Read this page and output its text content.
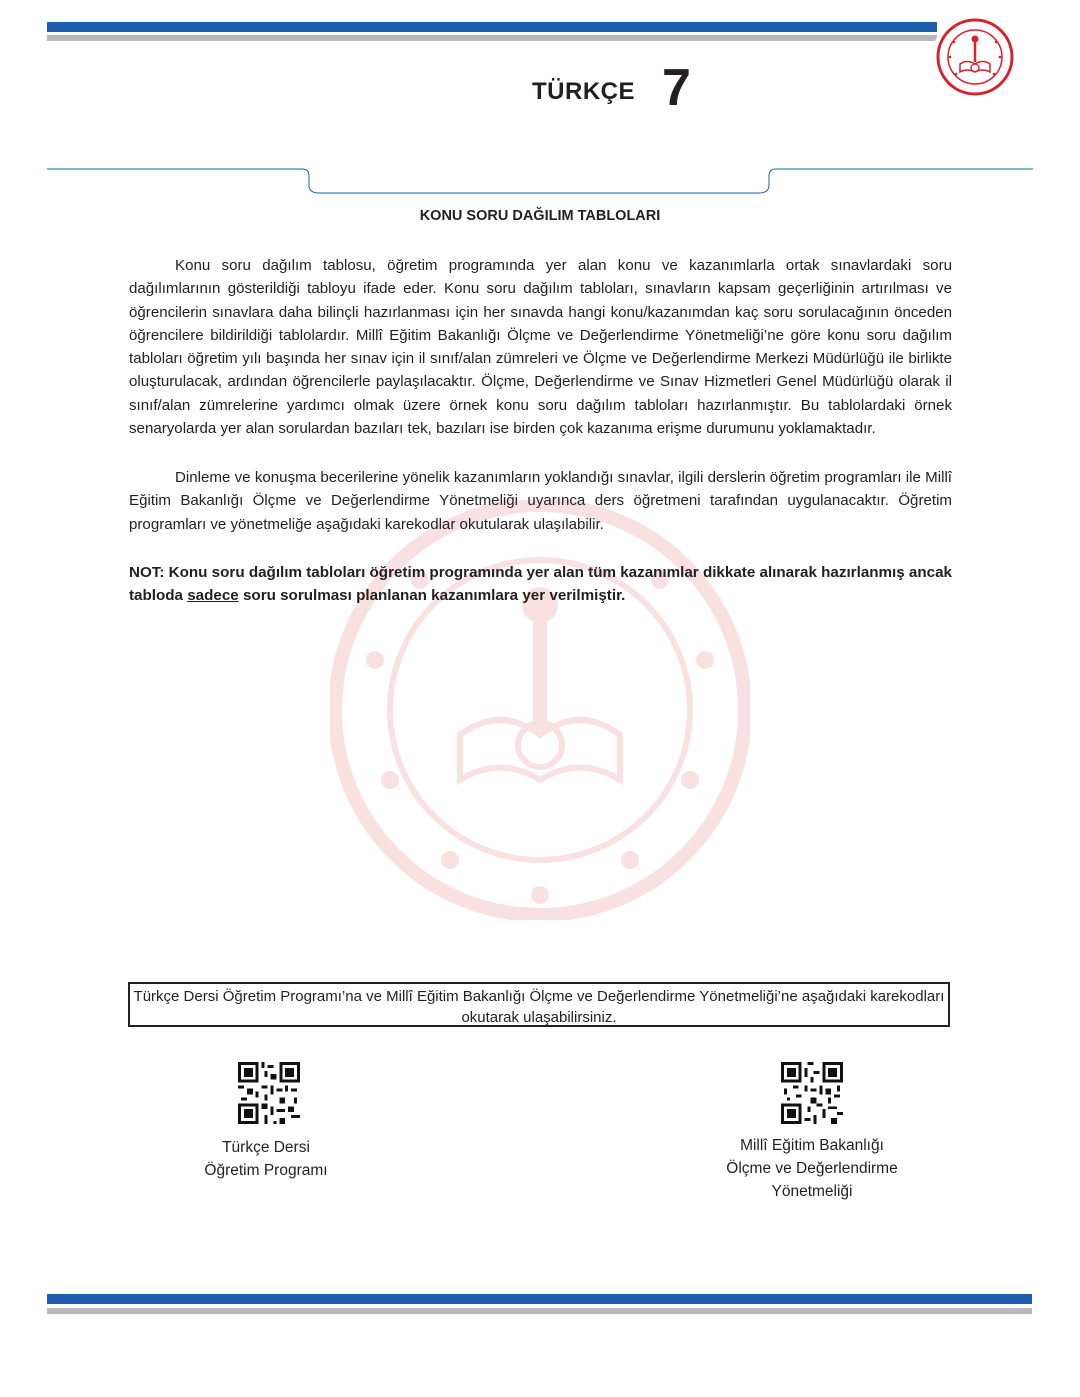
TÜRKÇE 7
KONU SORU DAĞILIM TABLOLARI
Konu soru dağılım tablosu, öğretim programında yer alan konu ve kazanımlarla ortak sınavlardaki soru dağılımlarının gösterildiği tabloyu ifade eder. Konu soru dağılım tabloları, sınavların kapsam geçerliğinin artırılması ve öğrencilerin sınavlara daha bilinçli hazırlanması için her sınavda hangi konu/kazanımdan kaç soru sorulacağının önceden öğrencilere bildirildiği tablolardır. Millî Eğitim Bakanlığı Ölçme ve Değerlendirme Yönetmeliği’ne göre konu soru dağılım tabloları öğretim yılı başında her sınav için il sınıf/alan zümreleri ve Ölçme ve Değerlendirme Merkezi Müdürlüğü ile birlikte oluşturulacak, ardından öğrencilerle paylaşılacaktır. Ölçme, Değerlendirme ve Sınav Hizmetleri Genel Müdürlüğü olarak il sınıf/alan zümrelerine yardımcı olmak üzere örnek konu soru dağılım tabloları hazırlanmıştır. Bu tablolardaki örnek senaryolarda yer alan sorulardan bazıları tek, bazıları ise birden çok kazanıma erişme durumunu yoklamaktadır.
Dinleme ve konuşma becerilerine yönelik kazanımların yoklandığı sınavlar, ilgili derslerin öğretim programları ile Millî Eğitim Bakanlığı Ölçme ve Değerlendirme Yönetmeliği uyarınca ders öğretmeni tarafından uygulanacaktır. Öğretim programları ve yönetmeliğe aşağıdaki karekodlar okutularak ulaşılabilir.
NOT: Konu soru dağılım tabloları öğretim programında yer alan tüm kazanımlar dikkate alınarak hazırlanmış ancak tabloda sadece soru sorulması planlanan kazanımlara yer verilmiştir.
Türkçe Dersi Öğretim Programı’na ve Millî Eğitim Bakanlığı Ölçme ve Değerlendirme Yönetmeliği’ne aşağıdaki karekodları okutarak ulaşabilirsiniz.
Türkçe Dersi
Öğretim Programı
Millî Eğitim Bakanlığı
Ölçme ve Değerlendirme
Yönetmeliği
